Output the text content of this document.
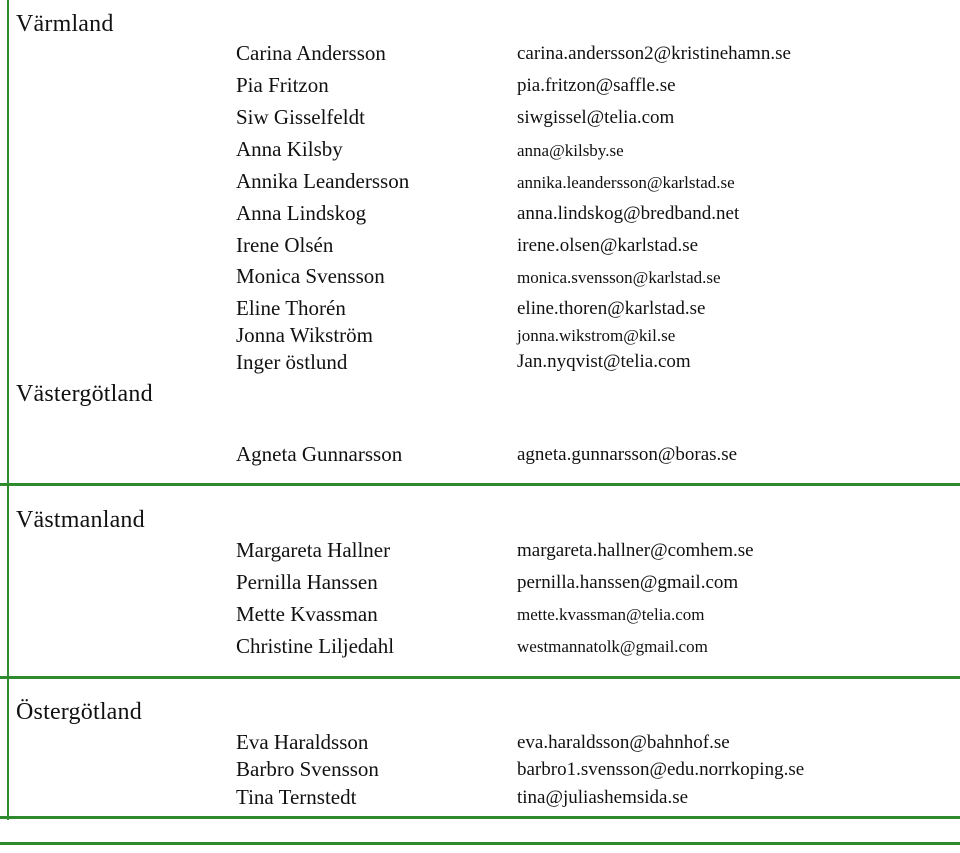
Värmland
Carina Andersson	carina.andersson2@kristinehamn.se
Pia Fritzon	pia.fritzon@saffle.se
Siw Gisselfeldt	siwgissel@telia.com
Anna Kilsby	anna@kilsby.se
Annika Leandersson	annika.leandersson@karlstad.se
Anna Lindskog	anna.lindskog@bredband.net
Irene Olsén	irene.olsen@karlstad.se
Monica Svensson	monica.svensson@karlstad.se
Eline Thorén	eline.thoren@karlstad.se
Jonna Wikström	jonna.wikstrom@kil.se
Inger östlund	Jan.nyqvist@telia.com
Västergötland
Agneta Gunnarsson	agneta.gunnarsson@boras.se
Västmanland
Margareta Hallner	margareta.hallner@comhem.se
Pernilla Hanssen	pernilla.hanssen@gmail.com
Mette Kvassman	mette.kvassman@telia.com
Christine Liljedahl	westmannatolk@gmail.com
Östergötland
Eva Haraldsson	eva.haraldsson@bahnhof.se
Barbro Svensson	barbro1.svensson@edu.norrkoping.se
Tina Ternstedt	tina@juliashemsida.se
